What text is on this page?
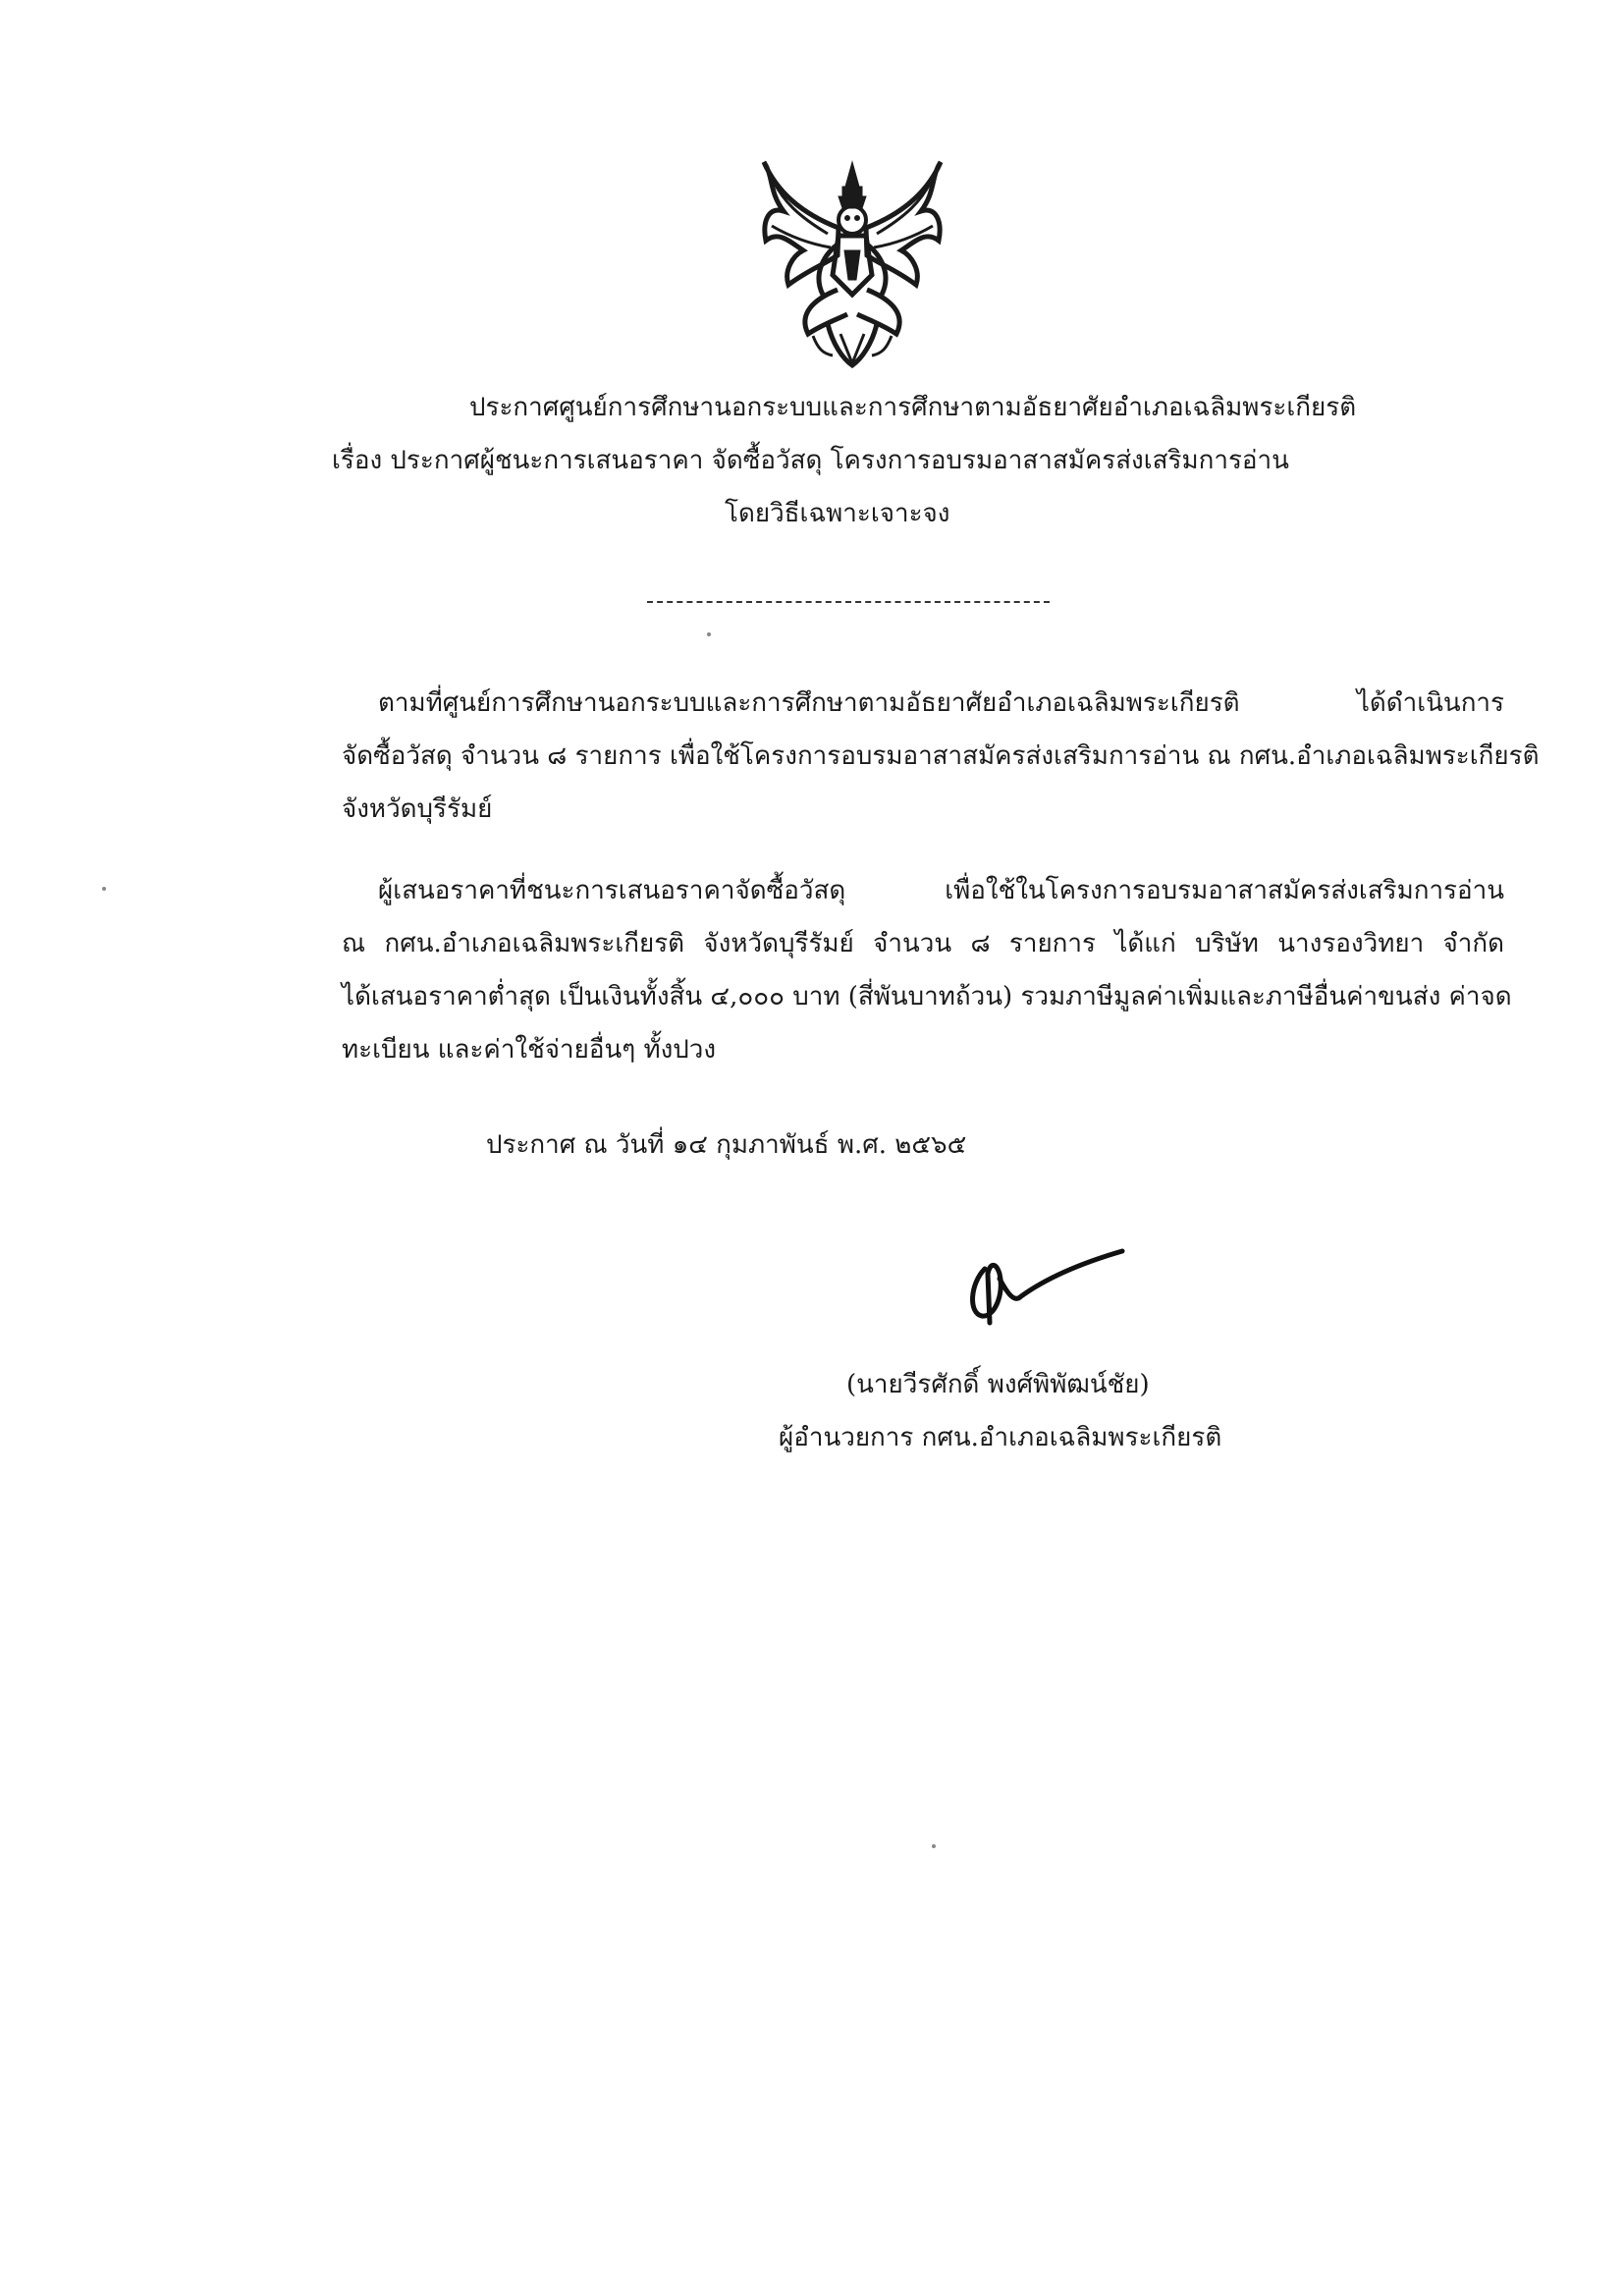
ประกาศศูนย์การศึกษานอกระบบและการศึกษาตามอัธยาศัยอำเภอเฉลิมพระเกียรติ
เรื่อง ประกาศผู้ชนะการเสนอราคา จัดซื้อวัสดุ โครงการอบรมอาสาสมัครส่งเสริมการอ่าน
โดยวิธีเฉพาะเจาะจง
ตามที่ศูนย์การศึกษานอกระบบและการศึกษาตามอัธยาศัยอำเภอเฉลิมพระเกียรติ ได้ดำเนินการ
จัดซื้อวัสดุ จำนวน ๘ รายการ เพื่อใช้โครงการอบรมอาสาสมัครส่งเสริมการอ่าน ณ กศน.อำเภอเฉลิมพระเกียรติ
จังหวัดบุรีรัมย์
ผู้เสนอราคาที่ชนะการเสนอราคาจัดซื้อวัสดุ เพื่อใช้ในโครงการอบรมอาสาสมัครส่งเสริมการอ่าน
ณ กศน.อำเภอเฉลิมพระเกียรติ จังหวัดบุรีรัมย์ จำนวน ๘ รายการ ได้แก่ บริษัท นางรองวิทยา จำกัด
ได้เสนอราคาต่ำสุด เป็นเงินทั้งสิ้น ๔,๐๐๐ บาท (สี่พันบาทถ้วน) รวมภาษีมูลค่าเพิ่มและภาษีอื่นค่าขนส่ง ค่าจด
ทะเบียน และค่าใช้จ่ายอื่นๆ ทั้งปวง
ประกาศ ณ วันที่ ๑๔ กุมภาพันธ์ พ.ศ. ๒๕๖๕
(นายวีรศักดิ์ พงศ์พิพัฒน์ชัย)
ผู้อำนวยการ กศน.อำเภอเฉลิมพระเกียรติ
